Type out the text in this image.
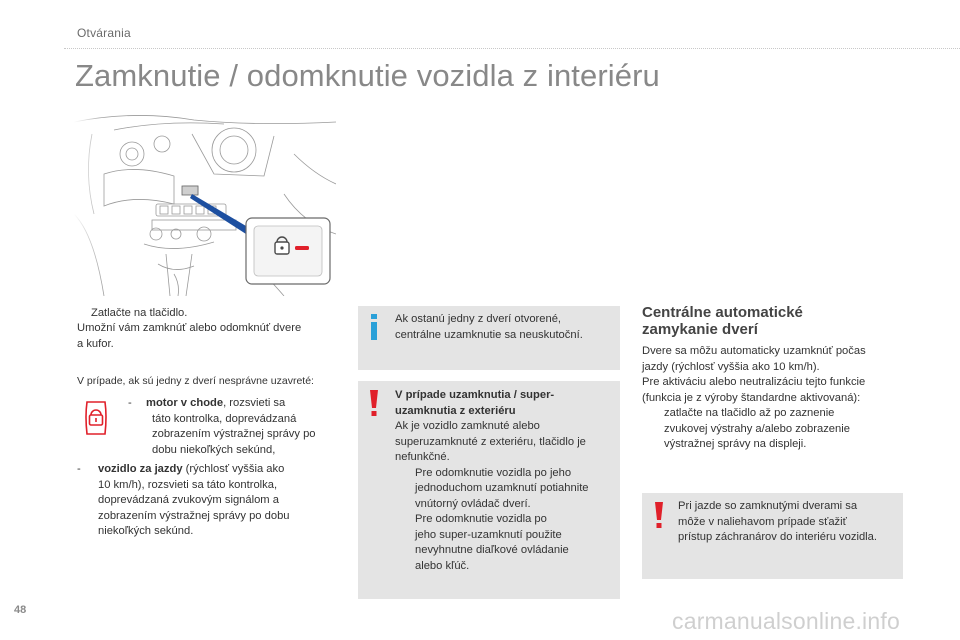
Otvárania
Zamknutie / odomknutie vozidla z interiéru
Zatlačte na tlačidlo.
Umožní vám zamknúť alebo odomknúť dvere
a kufor.
V prípade, ak sú jedny z dverí nesprávne uzavreté:
- motor v chode, rozsvieti sa
táto kontrolka, doprevádzaná
zobrazením výstražnej správy po
dobu niekoľkých sekúnd,
- vozidlo za jazdy (rýchlosť vyššia ako
10 km/h), rozsvieti sa táto kontrolka,
doprevádzaná zvukovým signálom a
zobrazením výstražnej správy po dobu
niekoľkých sekúnd.
Ak ostanú jedny z dverí otvorené,
centrálne uzamknutie sa neuskutoční.
V prípade uzamknutia / super-
uzamknutia z exteriéru
Ak je vozidlo zamknuté alebo
superuzamknuté z exteriéru, tlačidlo je
nefunkčné.
Pre odomknutie vozidla po jeho
jednoduchom uzamknutí potiahnite
vnútorný ovládač dverí.
Pre odomknutie vozidla po
jeho super-uzamknutí použite
nevyhnutne diaľkové ovládanie
alebo kľúč.
Centrálne automatické
zamykanie dverí
Dvere sa môžu automaticky uzamknúť počas
jazdy (rýchlosť vyššia ako 10 km/h).
Pre aktiváciu alebo neutralizáciu tejto funkcie
(funkcia je z výroby štandardne aktivovaná):
zatlačte na tlačidlo až po zaznenie
zvukovej výstrahy a/alebo zobrazenie
výstražnej správy na displeji.
Pri jazde so zamknutými dverami sa
môže v naliehavom prípade sťažiť
prístup záchranárov do interiéru vozidla.
48	carmanualsonline.info
